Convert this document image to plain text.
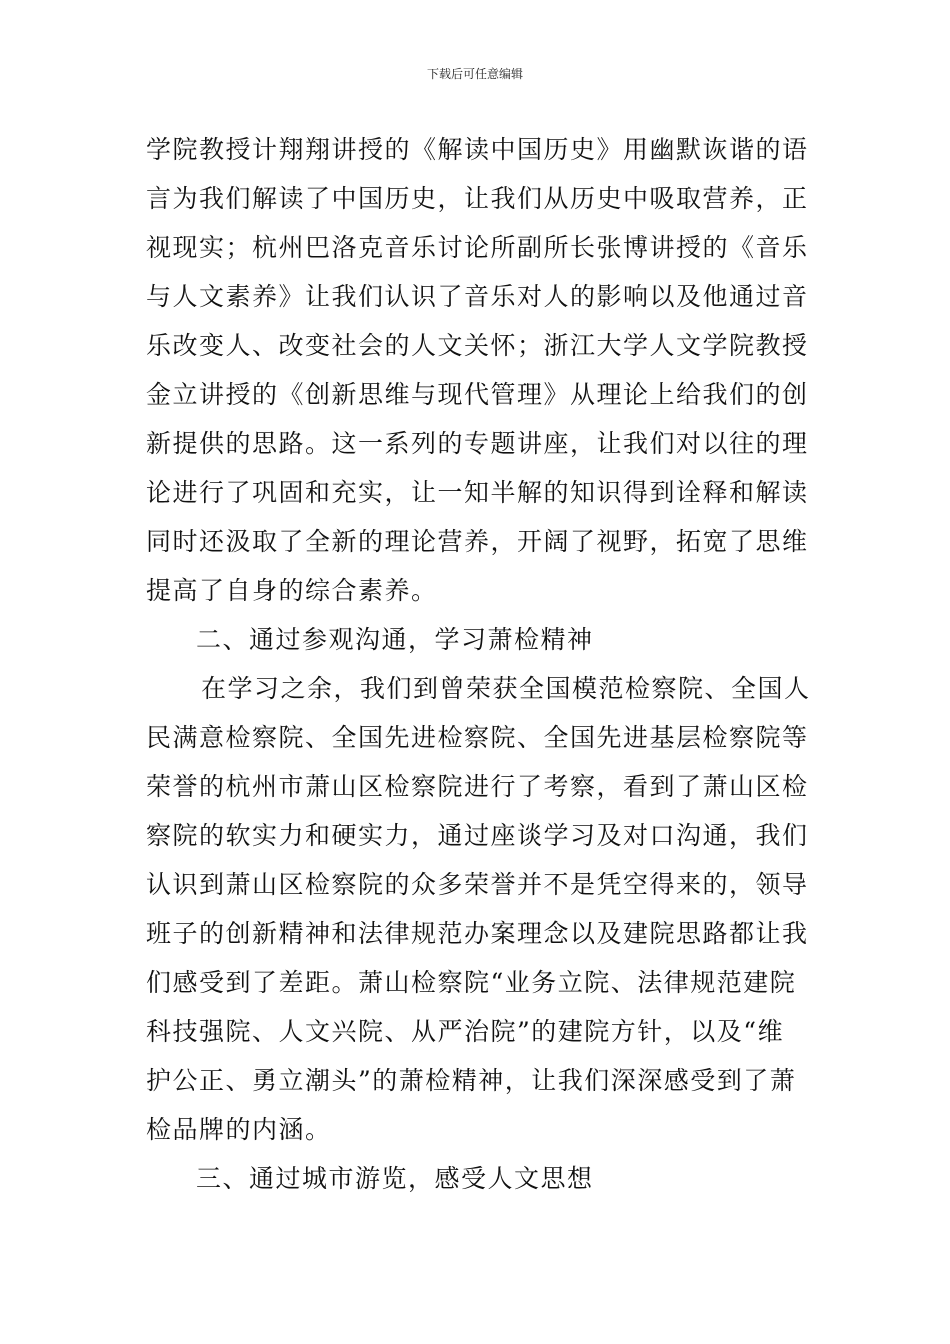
下载后可任意编辑
学院教授计翔翔讲授的《解读中国历史》用幽默诙谐的语
言为我们解读了中国历史，让我们从历史中吸取营养，正
视现实；杭州巴洛克音乐讨论所副所长张博讲授的《音乐
与人文素养》让我们认识了音乐对人的影响以及他通过音
乐改变人、改变社会的人文关怀；浙江大学人文学院教授
金立讲授的《创新思维与现代管理》从理论上给我们的创
新提供的思路。这一系列的专题讲座，让我们对以往的理
论进行了巩固和充实，让一知半解的知识得到诠释和解读
同时还汲取了全新的理论营养，开阔了视野，拓宽了思维
提高了自身的综合素养。
二、通过参观沟通，学习萧检精神
在学习之余，我们到曾荣获全国模范检察院、全国人
民满意检察院、全国先进检察院、全国先进基层检察院等
荣誉的杭州市萧山区检察院进行了考察，看到了萧山区检
察院的软实力和硬实力，通过座谈学习及对口沟通，我们
认识到萧山区检察院的众多荣誉并不是凭空得来的，领导
班子的创新精神和法律规范办案理念以及建院思路都让我
们感受到了差距。萧山检察院“业务立院、法律规范建院
科技强院、人文兴院、从严治院”的建院方针，以及“维
护公正、勇立潮头”的萧检精神，让我们深深感受到了萧
检品牌的内涵。
三、通过城市游览，感受人文思想
